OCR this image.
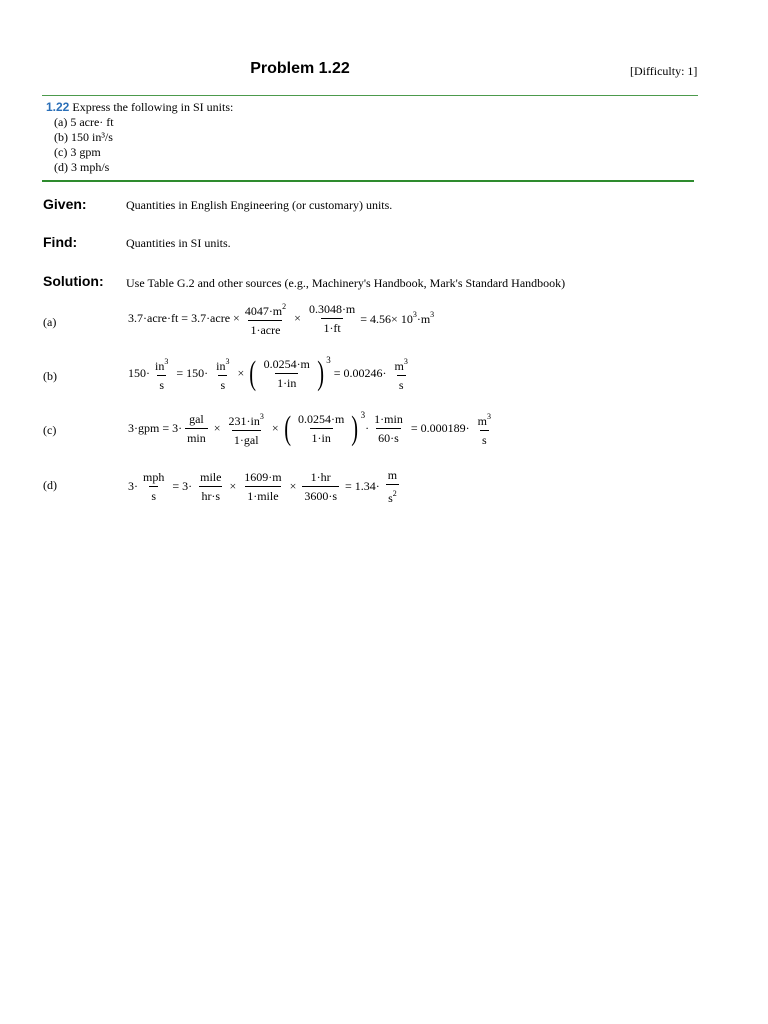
Problem 1.22	[Difficulty: 1]
1.22 Express the following in SI units:
(a) 5 acre· ft
(b) 150 in³/s
(c) 3 gpm
(d) 3 mph/s
Given:	Quantities in English Engineering (or customary) units.
Find:	Quantities in SI units.
Solution: Use Table G.2 and other sources (e.g., Machinery's Handbook, Mark's Standard Handbook)
(a)	3.7·acre·ft = 3.7·acre × $\frac{4047\cdot m^2}{\text{1·acre}} \times \frac{0.3048\cdot m}{1\cdot ft} = 4.56\times 10^3\cdot m^3$
(b)	$150\cdot \frac{in^3}{s} = 150\cdot \frac{in^3}{s}$ × ( $\frac{0.0254\cdot m}{1\cdot in}$ ) 3
= $0.00246\cdot \frac{m^3}{s}$
(c)	$3\cdot gpm = 3\cdot \frac{\text{gal}}{\min} \times \frac{231\cdot in^3}{\text{1·gal}}$ × ( $\frac{0.0254\cdot m}{1\cdot in}$ ) 3
· $\frac{1\cdot\min}{60\cdot s} = 0.000189\cdot \frac{m^3}{s}$
(d)	$3\cdot \frac{\text{mph}}{s} = 3\cdot \frac{\text{mile}}{hr\cdot s} \times \frac{1609\cdot m}{\text{1·mile}} \times \frac{1\cdot hr}{3600\cdot s} = 1.34\cdot \frac{m}{s^2}$
